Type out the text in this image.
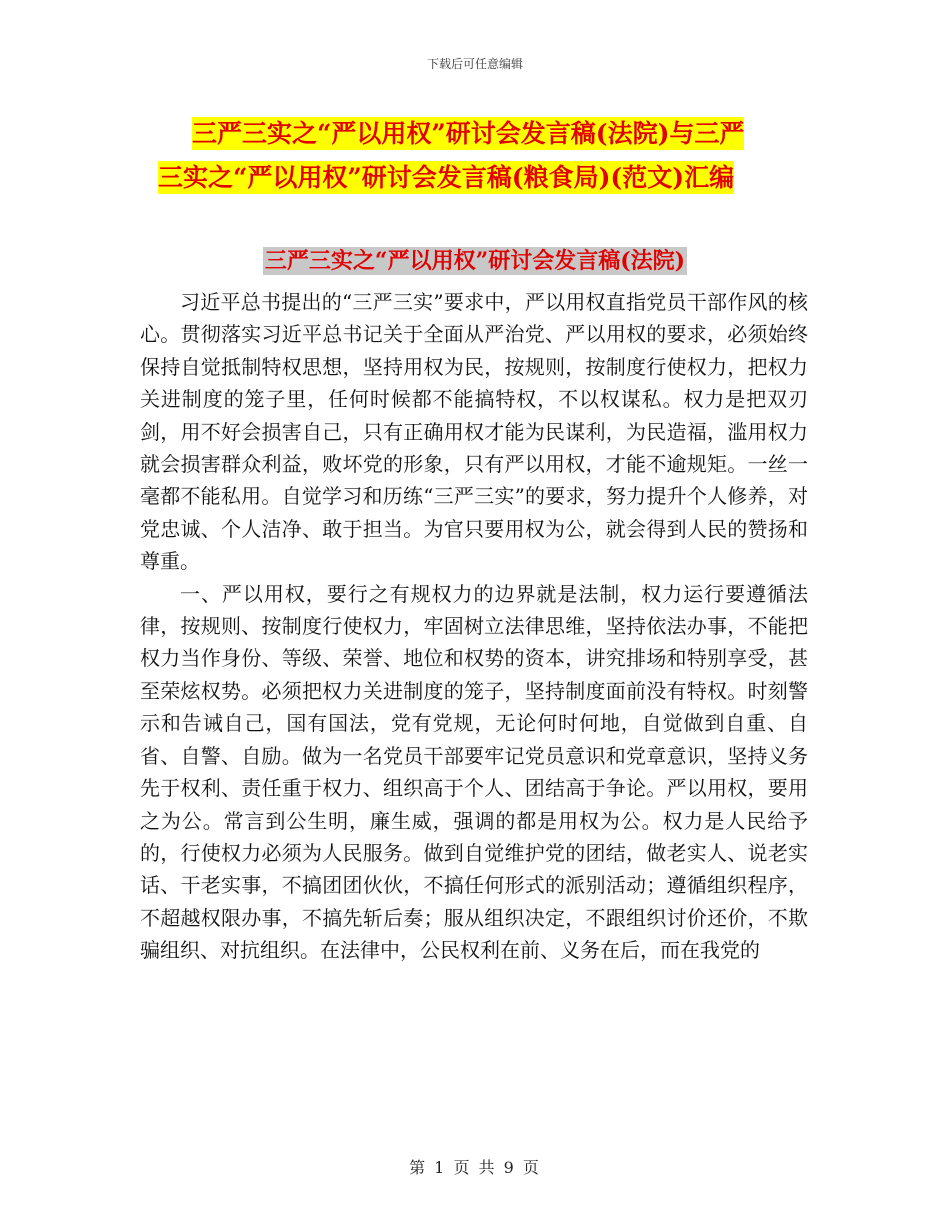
下载后可任意编辑
三严三实之“严以用权”研讨会发言稿(法院)与三严
三实之“严以用权”研讨会发言稿(粮食局)(范文)汇编
三严三实之“严以用权”研讨会发言稿(法院)

习近平总书提出的“三严三实”要求中，严以用权直指党员干部作风的核心。贯彻落实习近平总书记关于全面从严治党、严以用权的要求，必须始终保持自觉抵制特权思想，坚持用权为民，按规则，按制度行使权力，把权力关进制度的笼子里，任何时候都不能搞特权，不以权谋私。权力是把双刃剑，用不好会损害自己，只有正确用权才能为民谋利，为民造福，滥用权力就会损害群众利益，败坏党的形象，只有严以用权，才能不逾规矩。一丝一毫都不能私用。自觉学习和历练“三严三实”的要求，努力提升个人修养，对党忠诚、个人洁净、敢于担当。为官只要用权为公，就会得到人民的赞扬和尊重。

一、严以用权，要行之有规权力的边界就是法制，权力运行要遵循法律，按规则、按制度行使权力，牢固树立法律思维，坚持依法办事，不能把权力当作身份、等级、荣誉、地位和权势的资本，讲究排场和特别享受，甚至荣炫权势。必须把权力关进制度的笼子，坚持制度面前没有特权。时刻警示和告诫自己，国有国法，党有党规，无论何时何地，自觉做到自重、自省、自警、自励。做为一名党员干部要牢记党员意识和党章意识，坚持义务先于权利、责任重于权力、组织高于个人、团结高于争论。严以用权，要用之为公。常言到公生明，廉生威，强调的都是用权为公。权力是人民给予的，行使权力必须为人民服务。做到自觉维护党的团结，做老实人、说老实话、干老实事，不搞团团伙伙，不搞任何形式的派别活动；遵循组织程序，不超越权限办事，不搞先斩后奏；服从组织决定，不跟组织讨价还价，不欺骗组织、对抗组织。在法律中，公民权利在前、义务在后，而在我党的

第 1 页 共 9 页
